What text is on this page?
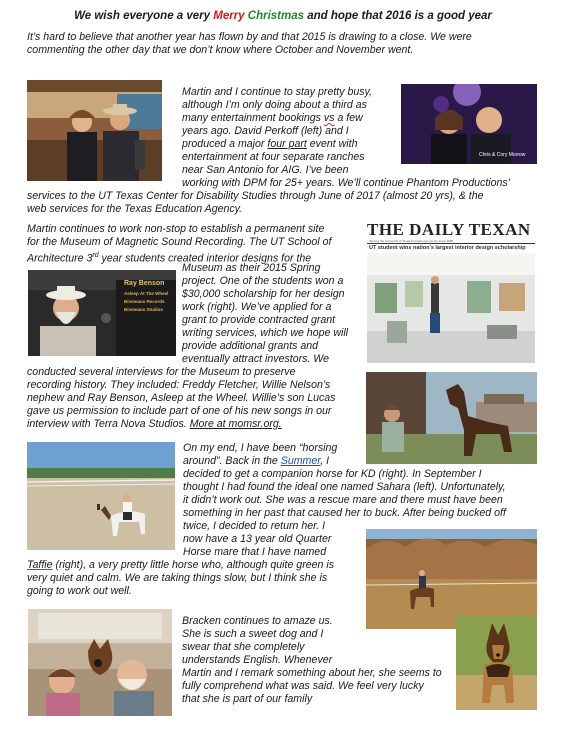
We wish everyone a very Merry Christmas and hope that 2016 is a good year

It’s hard to believe that another year has flown by and that 2015 is drawing to a close. We were

commenting the other day that we don’t know where October and November went.

Chris & Cory Morrow

Martin and I continue to stay pretty busy,

although I’m only doing about a third as

many entertainment bookings vs a few

years ago. David Perkoff (left) and I

produced a major four part event with

entertainment at four separate ranches

near San Antonio for AIG. I’ve been

working with DPM for 25+ years. We’ll continue Phantom Productions’

services to the UT Texas Center for Disability Studies through June of 2017 (almost 20 yrs), & the

web services for the Texas Education Agency.

THE DAILY TEXAN
Serving the University of Texas at Austin community since 1900
UT student wins nation’s largest interior design scholarship

Martin continues to work non-stop to establish a permanent site

for the Museum of Magnetic Sound Recording. The UT School of

Architecture 3rd year students created interior designs for the

Ray Benson
Asleep At The Wheel
Bismeaux Records
Bismeaux Studios

Museum as their 2015 Spring

project. One of the students won a

$30,000 scholarship for her design

work (right). We’ve applied for a

grant to provide contracted grant

writing services, which we hope will

provide additional grants and

eventually attract investors. We

conducted several interviews for the Museum to preserve

recording history. They included: Freddy Fletcher, Willie Nelson’s

nephew and Ray Benson, Asleep at the Wheel. Willie’s son Lucas

gave us permission to include part of one of his new songs in our

interview with Terra Nova Studios. More at momsr.org.

On my end, I have been “horsing

around”. Back in the Summer, I

decided to get a companion horse for KD (right). In September I

thought I had found the ideal one named Sahara (left). Unfortunately,

it didn’t work out. She was a rescue mare and there must have been

something in her past that caused her to buck. After being bucked off

twice, I decided to return her. I

now have a 13 year old Quarter

Horse mare that I have named

Taffie (right), a very pretty little horse who, although quite green is

very quiet and calm. We are taking things slow, but I think she is

going to work out well.

Bracken continues to amaze us.

She is such a sweet dog and I

swear that she completely

understands English. Whenever

Martin and I remark something about her, she seems to

fully comprehend what was said. We feel very lucky

that she is part of our family
